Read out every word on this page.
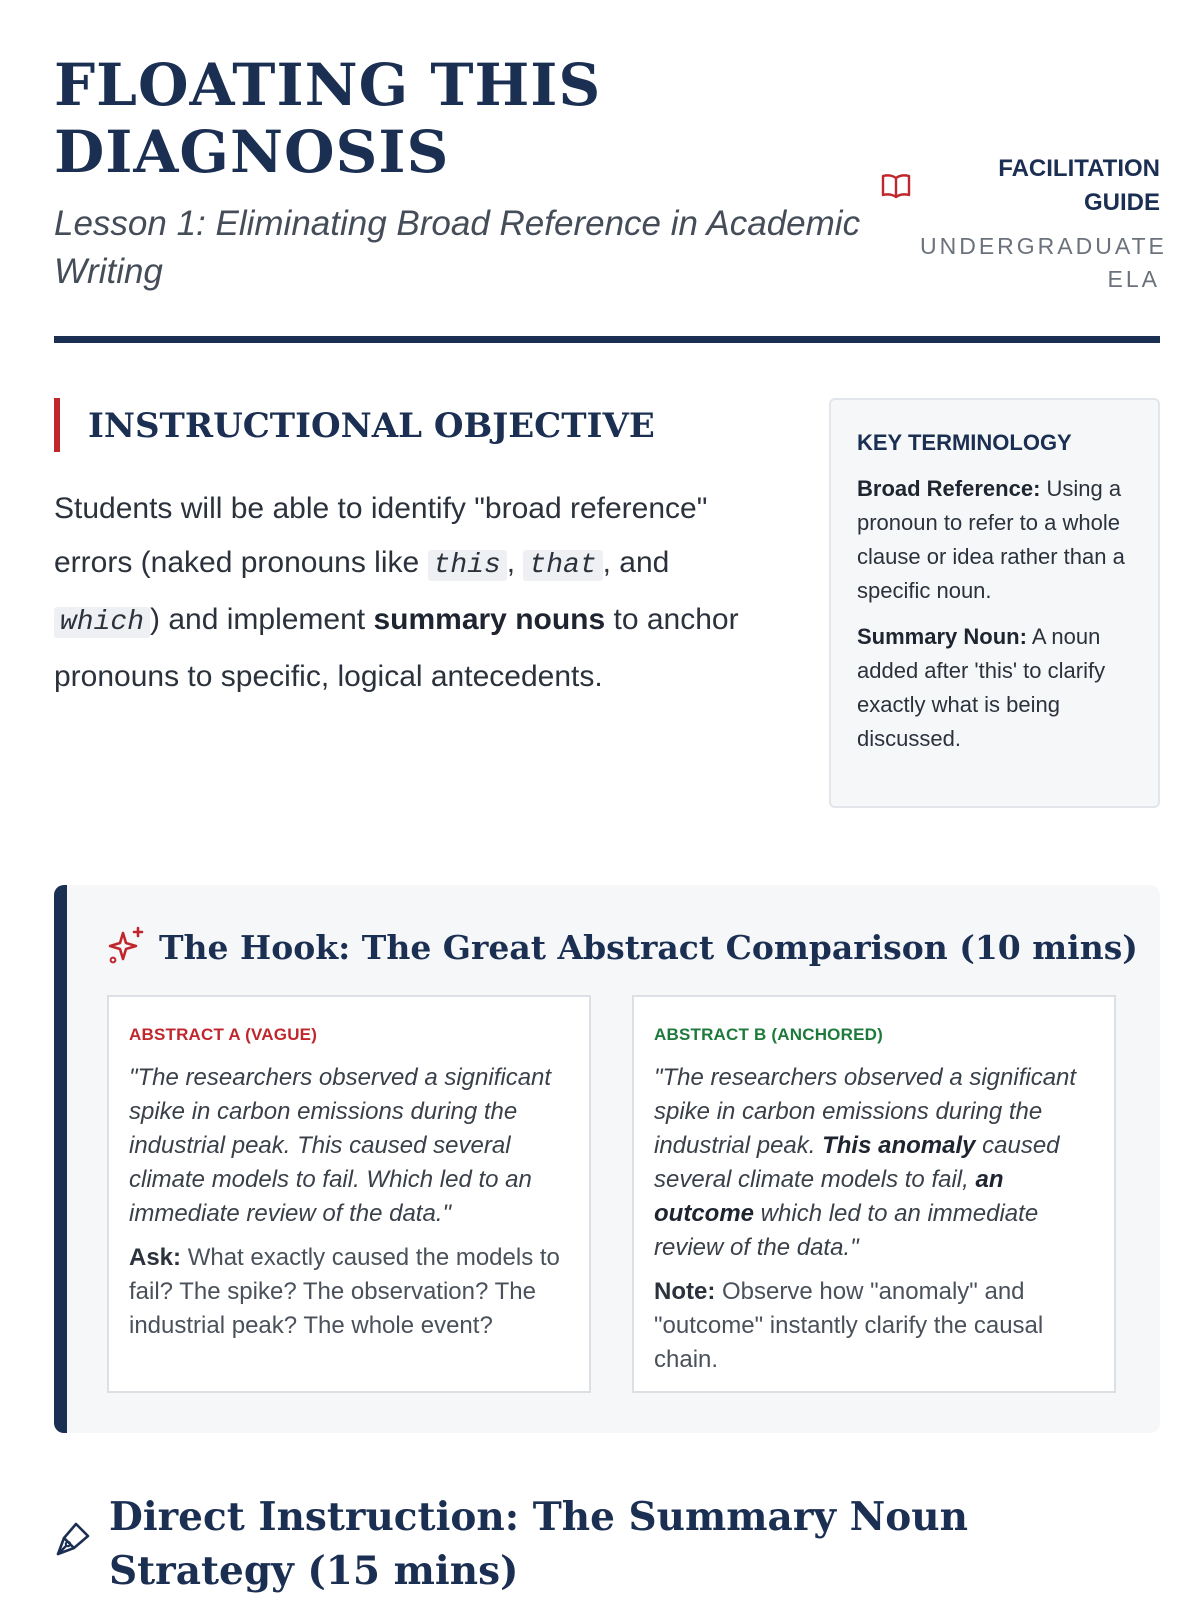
FLOATING THIS DIAGNOSIS

Lesson 1: Eliminating Broad Reference in Academic Writing

FACILITATION GUIDE
UNDERGRADUATE ELA
INSTRUCTIONAL OBJECTIVE

Students will be able to identify "broad reference" errors (naked pronouns like this , that , and which ) and implement summary nouns to anchor pronouns to specific, logical antecedents.

KEY TERMINOLOGY

Broad Reference: Using a pronoun to refer to a whole clause or idea rather than a specific noun.

Summary Noun: A noun added after 'this' to clarify exactly what is being discussed.

The Hook: The Great Abstract Comparison (10 mins)
ABSTRACT A (VAGUE)

"The researchers observed a significant spike in carbon emissions during the industrial peak. This caused several climate models to fail. Which led to an immediate review of the data."

Ask: What exactly caused the models to fail? The spike? The observation? The industrial peak? The whole event?

ABSTRACT B (ANCHORED)

"The researchers observed a significant spike in carbon emissions during the industrial peak. This anomaly caused several climate models to fail, an outcome which led to an immediate review of the data."

Note: Observe how "anomaly" and "outcome" instantly clarify the causal chain.

Direct Instruction: The Summary Noun Strategy (15 mins)
